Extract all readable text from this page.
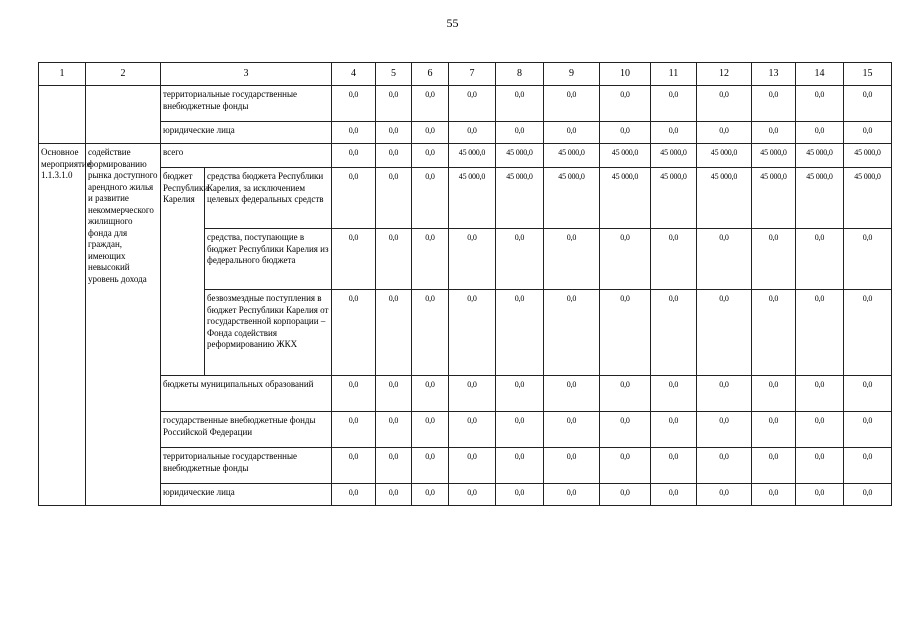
55
1	2	3		4	5	6	7	8	9	10	11	12	13	14	15
		территориальные государственные внебюджетные фонды		0,0	0,0	0,0	0,0	0,0	0,0	0,0	0,0	0,0	0,0	0,0	0,0
		юридические лица		0,0	0,0	0,0	0,0	0,0	0,0	0,0	0,0	0,0	0,0	0,0	0,0
Основное мероприятие 1.1.3.1.0	содействие формированию рынка доступного арендного жилья и развитие некоммерческого жилищного фонда для граждан, имеющих невысокий уровень дохода	всего		0,0	0,0	0,0	45 000,0	45 000,0	45 000,0	45 000,0	45 000,0	45 000,0	45 000,0	45 000,0	45 000,0
		бюджет Республики Карелия	средства бюджета Республики Карелия, за исключением целевых федеральных средств	0,0	0,0	0,0	45 000,0	45 000,0	45 000,0	45 000,0	45 000,0	45 000,0	45 000,0	45 000,0	45 000,0
			средства, поступающие в бюджет Республики Карелия из федерального бюджета	0,0	0,0	0,0	0,0	0,0	0,0	0,0	0,0	0,0	0,0	0,0	0,0
			безвозмездные поступления в бюджет Республики Карелия от государственной корпорации – Фонда содействия реформированию ЖКХ	0,0	0,0	0,0	0,0	0,0	0,0	0,0	0,0	0,0	0,0	0,0	0,0
		бюджеты муниципальных образований		0,0	0,0	0,0	0,0	0,0	0,0	0,0	0,0	0,0	0,0	0,0	0,0
		государственные внебюджетные фонды Российской Федерации		0,0	0,0	0,0	0,0	0,0	0,0	0,0	0,0	0,0	0,0	0,0	0,0
		территориальные государственные внебюджетные фонды		0,0	0,0	0,0	0,0	0,0	0,0	0,0	0,0	0,0	0,0	0,0	0,0
		юридические лица		0,0	0,0	0,0	0,0	0,0	0,0	0,0	0,0	0,0	0,0	0,0	0,0
